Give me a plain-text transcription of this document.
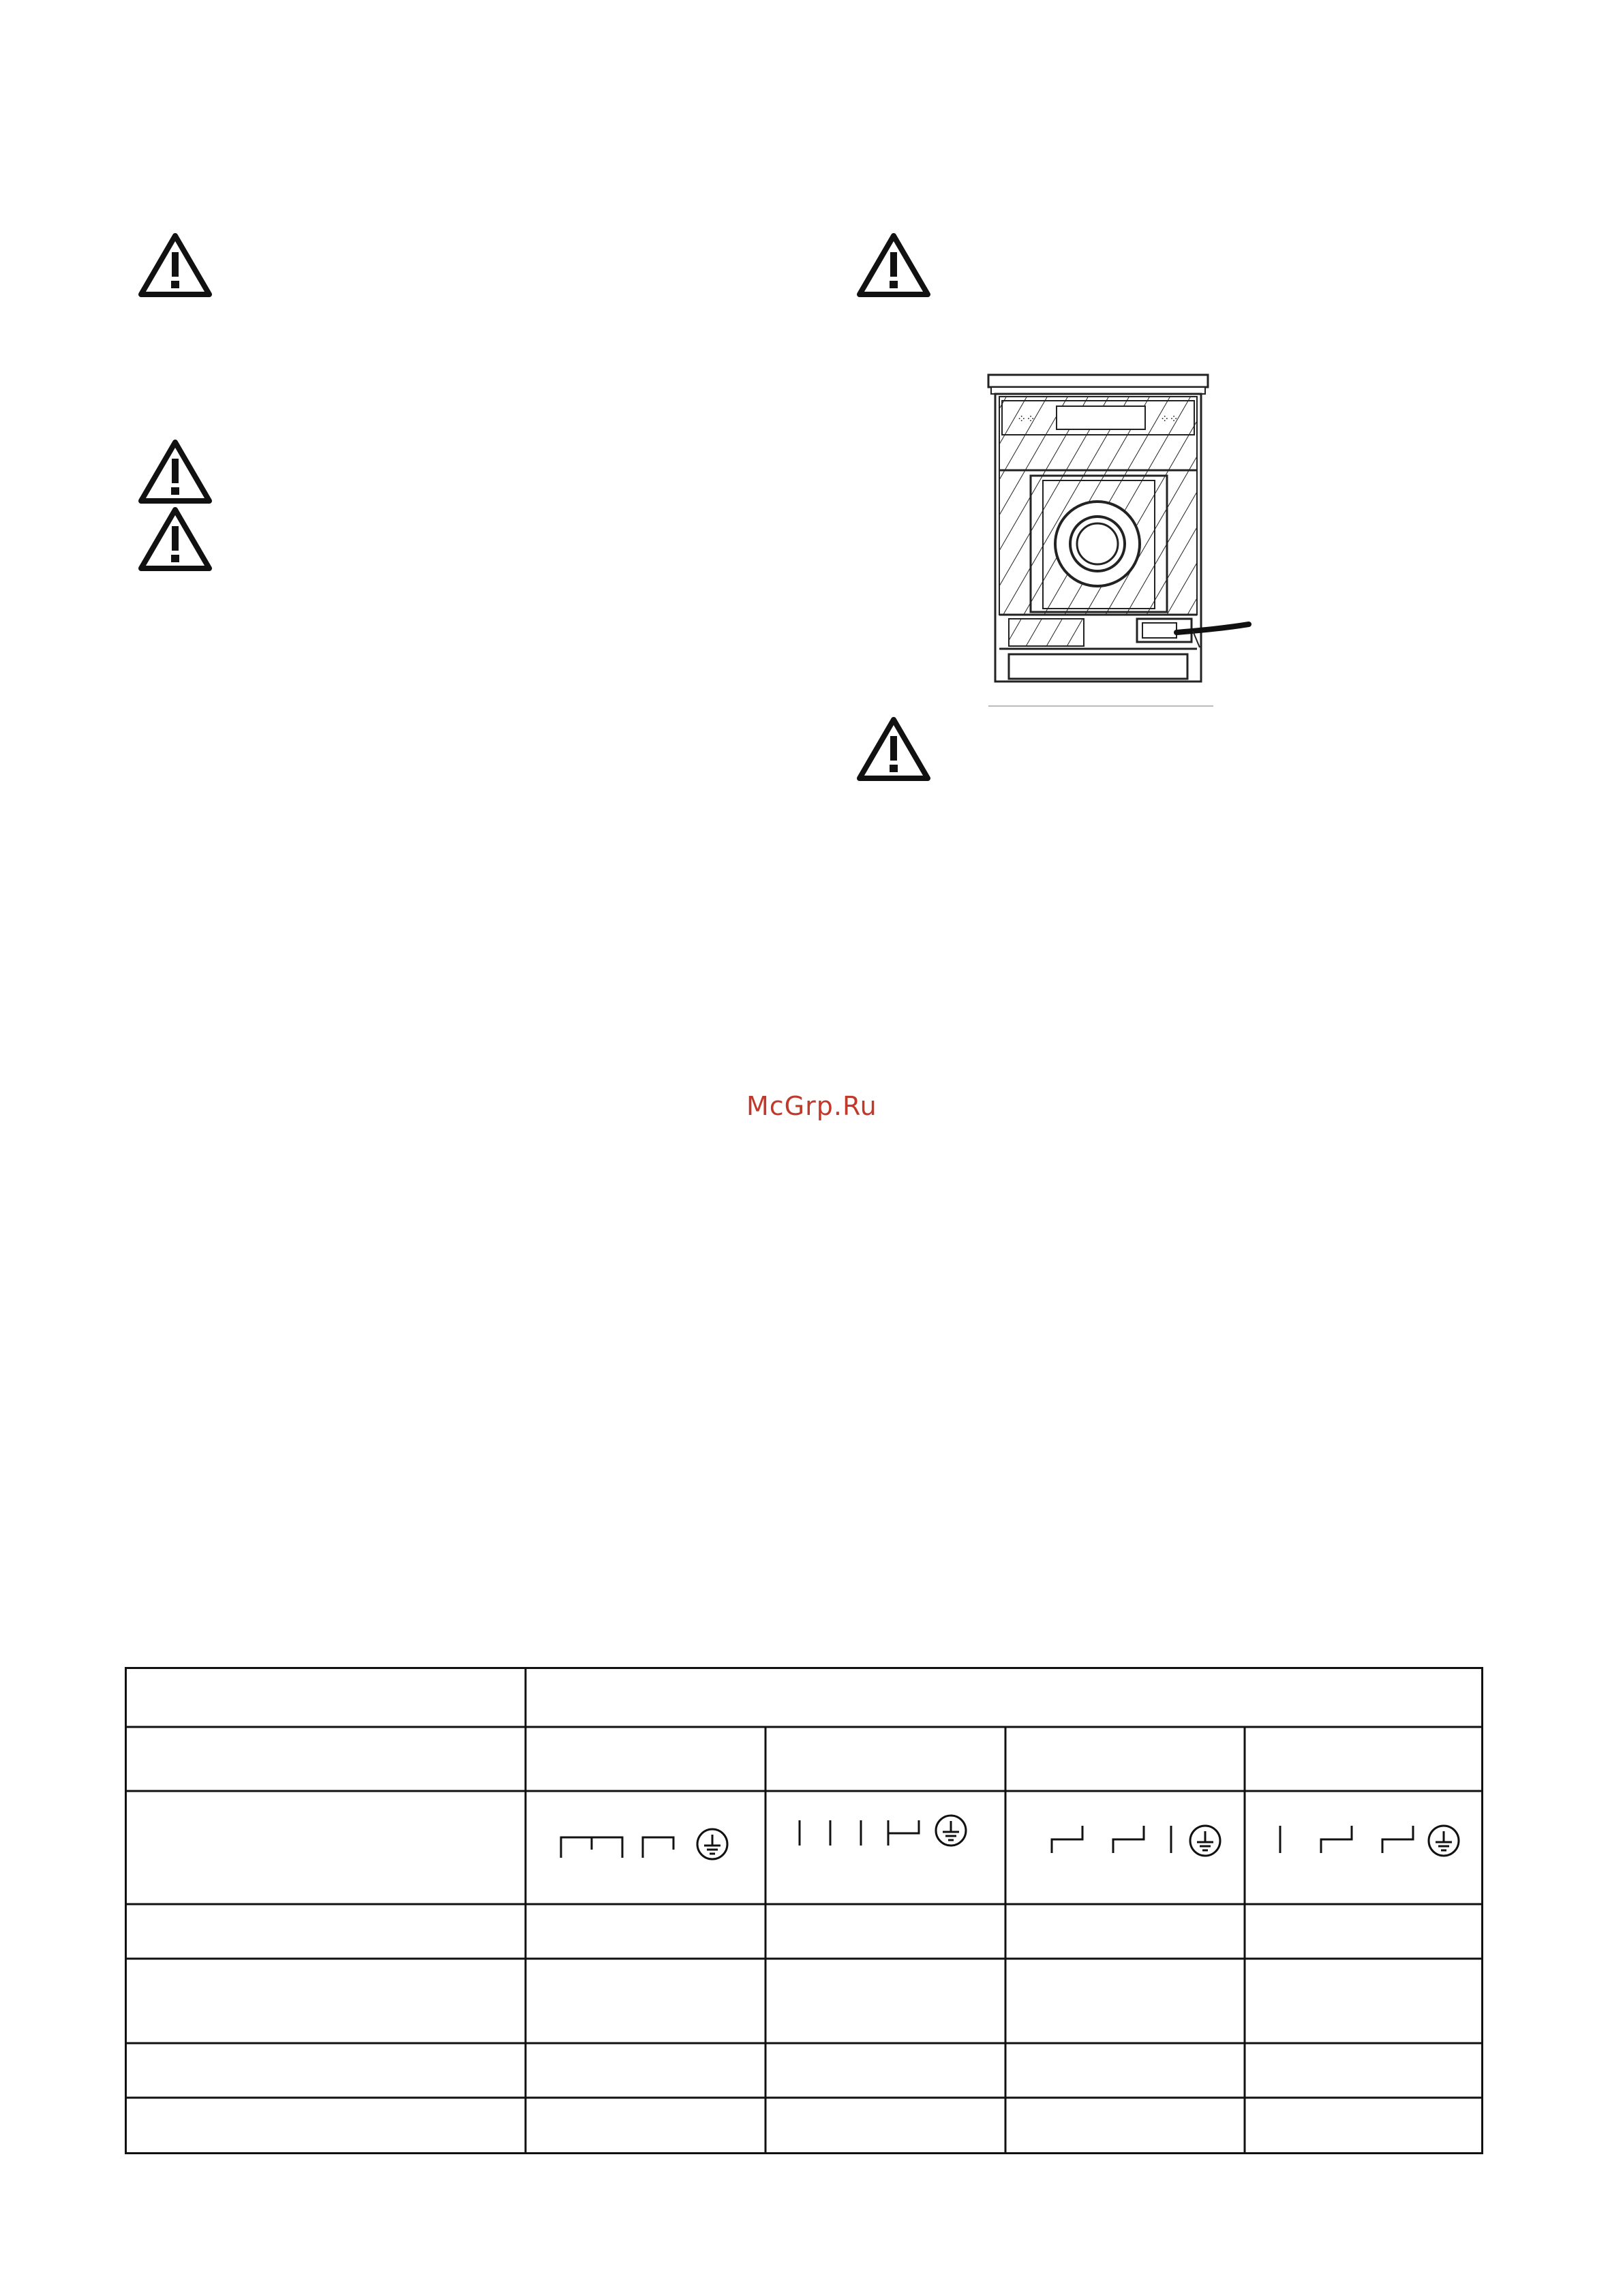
⁘⁘	⁘⁘
McGrp.Ru
